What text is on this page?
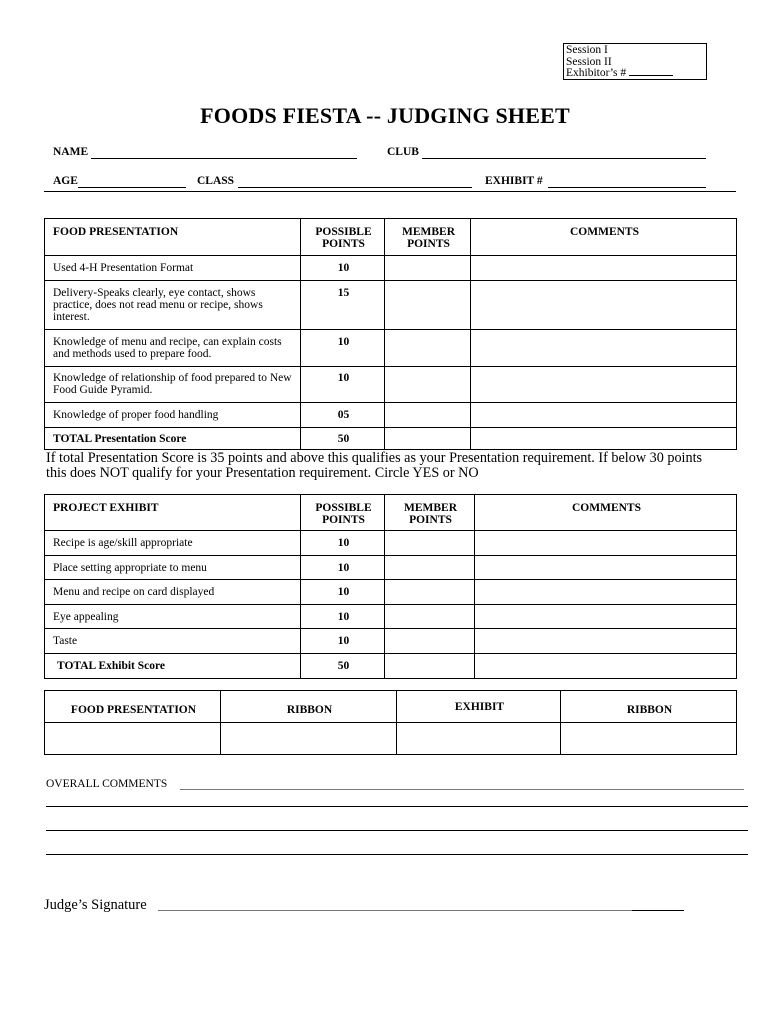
Session I
Session II
Exhibitor’s #
FOODS FIESTA -- JUDGING SHEET
NAME	CLUB
AGE	CLASS	EXHIBIT #
FOOD PRESENTATION	POSSIBLE POINTS	MEMBER POINTS	COMMENTS
Used 4-H Presentation Format	10		
Delivery-Speaks clearly, eye contact, shows practice, does not read menu or recipe, shows interest.	15		
Knowledge of menu and recipe, can explain costs and methods used to prepare food.	10		
Knowledge of relationship of food prepared to New Food Guide Pyramid.	10		
Knowledge of proper food handling	05		
TOTAL Presentation Score	50		
If total Presentation Score is 35 points and above this qualifies as your Presentation requirement. If below 30 points
this does NOT qualify for your Presentation requirement. Circle YES or NO
PROJECT EXHIBIT	POSSIBLE POINTS	MEMBER POINTS	COMMENTS
Recipe is age/skill appropriate	10		
Place setting appropriate to menu	10		
Menu and recipe on card displayed	10		
Eye appealing	10		
Taste	10		
TOTAL Exhibit Score	50		
FOOD PRESENTATION	RIBBON	EXHIBIT	RIBBON

OVERALL COMMENTS
Judge’s Signature
